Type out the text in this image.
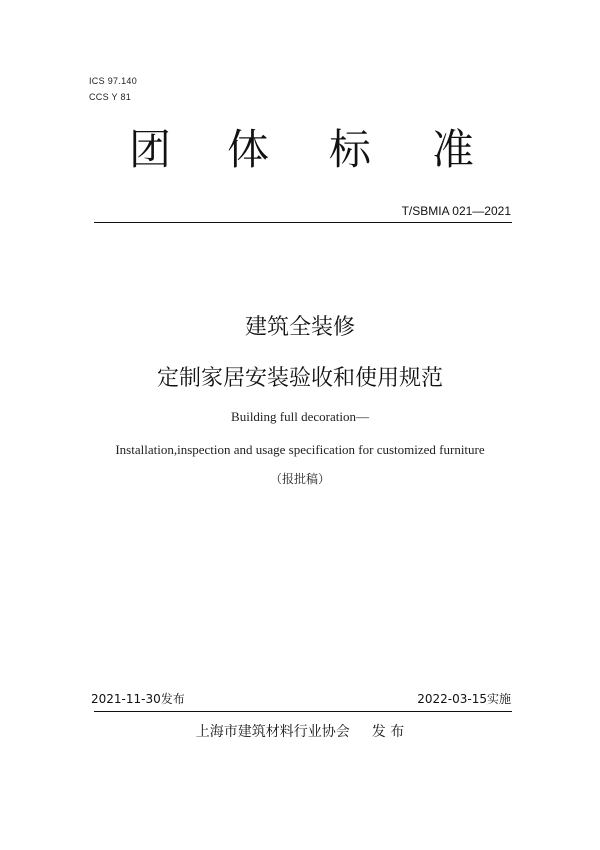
ICS 97.140
CCS Y 81
团 体 标 准
T/SBMIA 021—2021
建筑全装修
定制家居安装验收和使用规范
Building full decoration—
Installation,inspection and usage specification for customized furniture
（报批稿）
2021-11-30发布	2022-03-15实施
上海市建筑材料行业协会 发 布
